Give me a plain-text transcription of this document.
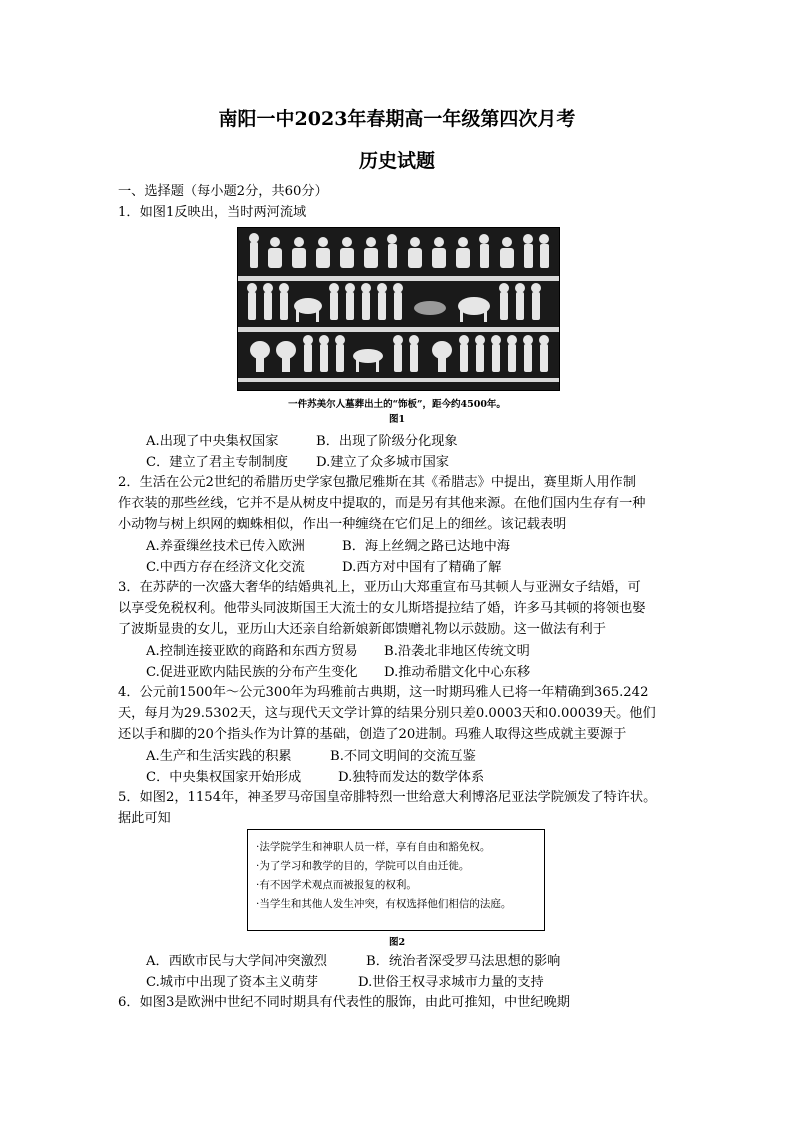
南阳一中2023年春期高一年级第四次月考
历史试题
一、选择题（每小题2分，共60分）
1．如图1反映出，当时两河流域
一件苏美尔人墓葬出土的“饰板”，距今约4500年。
图1
A.出现了中央集权国家	B．出现了阶级分化现象
C．建立了君主专制制度 D.建立了众多城市国家
2．生活在公元2世纪的希腊历史学家包撒尼雅斯在其《希腊志》中提出，赛里斯人用作制
作衣装的那些丝线，它并不是从树皮中提取的，而是另有其他来源。在他们国内生存有一种
小动物与树上织网的蜘蛛相似，作出一种缠绕在它们足上的细丝。该记载表明
A.养蚕缫丝技术已传入欧洲	B．海上丝绸之路已达地中海
C.中西方存在经济文化交流	D.西方对中国有了精确了解
3．在苏萨的一次盛大奢华的结婚典礼上，亚历山大郑重宣布马其顿人与亚洲女子结婚，可
以享受免税权利。他带头同波斯国王大流士的女儿斯塔提拉结了婚，许多马其顿的将领也娶
了波斯显贵的女儿，亚历山大还亲自给新娘新郎馈赠礼物以示鼓励。这一做法有利于
A.控制连接亚欧的商路和东西方贸易 B.沿袭北非地区传统文明
C.促进亚欧内陆民族的分布产生变化 D.推动希腊文化中心东移
4．公元前1500年～公元300年为玛雅前古典期，这一时期玛雅人已将一年精确到365.242
天，每月为29.5302天，这与现代天文学计算的结果分别只差0.0003天和0.00039天。他们
还以手和脚的20个指头作为计算的基础，创造了20进制。玛雅人取得这些成就主要源于
A.生产和生活实践的积累	B.不同文明间的交流互鉴
C．中央集权国家开始形成	D.独特而发达的数学体系
5．如图2，1154年，神圣罗马帝国皇帝腓特烈一世给意大利博洛尼亚法学院颁发了特许状。
据此可知
·法学院学生和神职人员一样，享有自由和豁免权。
·为了学习和教学的目的，学院可以自由迁徙。
·有不因学术观点而被报复的权利。
·当学生和其他人发生冲突，有权选择他们相信的法庭。
图2
A．西欧市民与大学间冲突激烈	B．统治者深受罗马法思想的影响
C.城市中出现了资本主义萌芽	D.世俗王权寻求城市力量的支持
6．如图3是欧洲中世纪不同时期具有代表性的服饰，由此可推知，中世纪晚期
